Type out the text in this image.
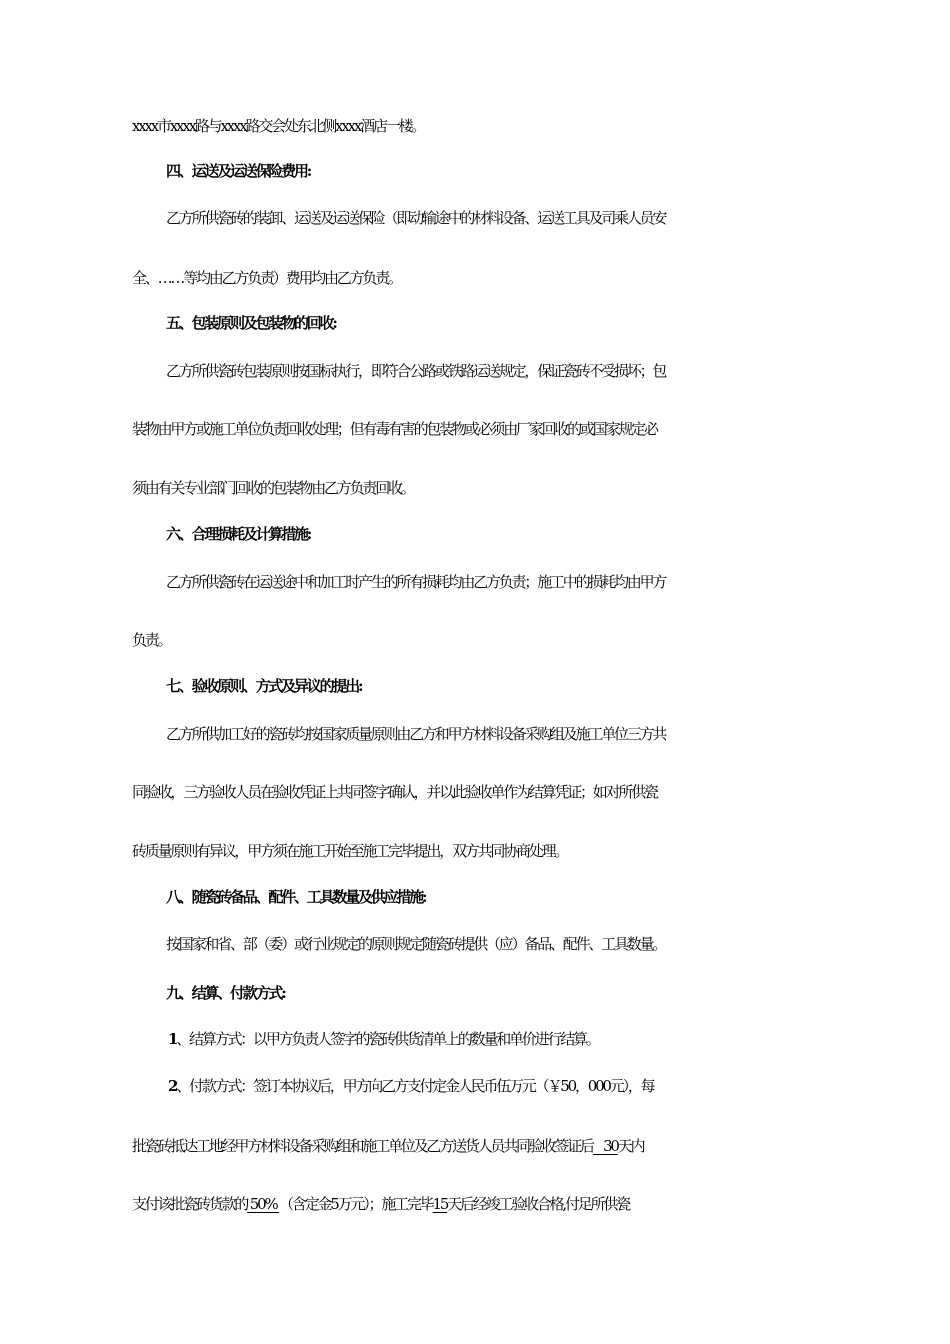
xxxx市xxxx路与xxxx路交会处东北侧xxxx酒店一楼。
四、运送及运送保险费用:
乙方所供瓷砖的装卸、运送及运送保险（即动输途中的材料设备、运送工具及司乘人员安
全、……等均由乙方负责）费用均由乙方负责。
五、包装原则及包装物的回收:
乙方所供瓷砖包装原则按国标执行，即符合公路或铁路运送规定，保证瓷砖不受损坏；包
装物由甲方或施工单位负责回收处理；但有毒有害的包装物或必须由厂家回收的或国家规定必
须由有关专业部门回收的包装物由乙方负责回收。
六、合理损耗及计算措施:
乙方所供瓷砖在运送途中和加工时产生的所有损耗均由乙方负责；施工中的损耗均由甲方
负责。
七、验收原则、方式及异议的提出:
乙方所供加工好的瓷砖均按国家质量原则由乙方和甲方材料设备采购组及施工单位三方共
同验收，三方验收人员在验收凭证上共同签字确认，并以此验收单作为结算凭证；如对所供瓷
砖质量原则有异议，甲方须在施工开始至施工完毕提出，双方共同协商处理。
八、随瓷砖备品、配件、工具数量及供应措施:
按国家和省、部（委）或行业规定的原则规定随瓷砖提供（应）备品、配件、工具数量。
九、结算、付款方式:
1、结算方式：以甲方负责人签字的瓷砖供货清单上的数量和单价进行结算。
2、付款方式：签订本协议后，甲方向乙方支付定金人民币伍万元（￥50，000元），每
批瓷砖抵达工地经甲方材料设备采购组和施工单位及乙方送货人员共同验收签证后    30天内
支付该批瓷砖货款的 50% （含定金5万元）；施工完毕15天后经竣工验收合格,付足所供瓷
